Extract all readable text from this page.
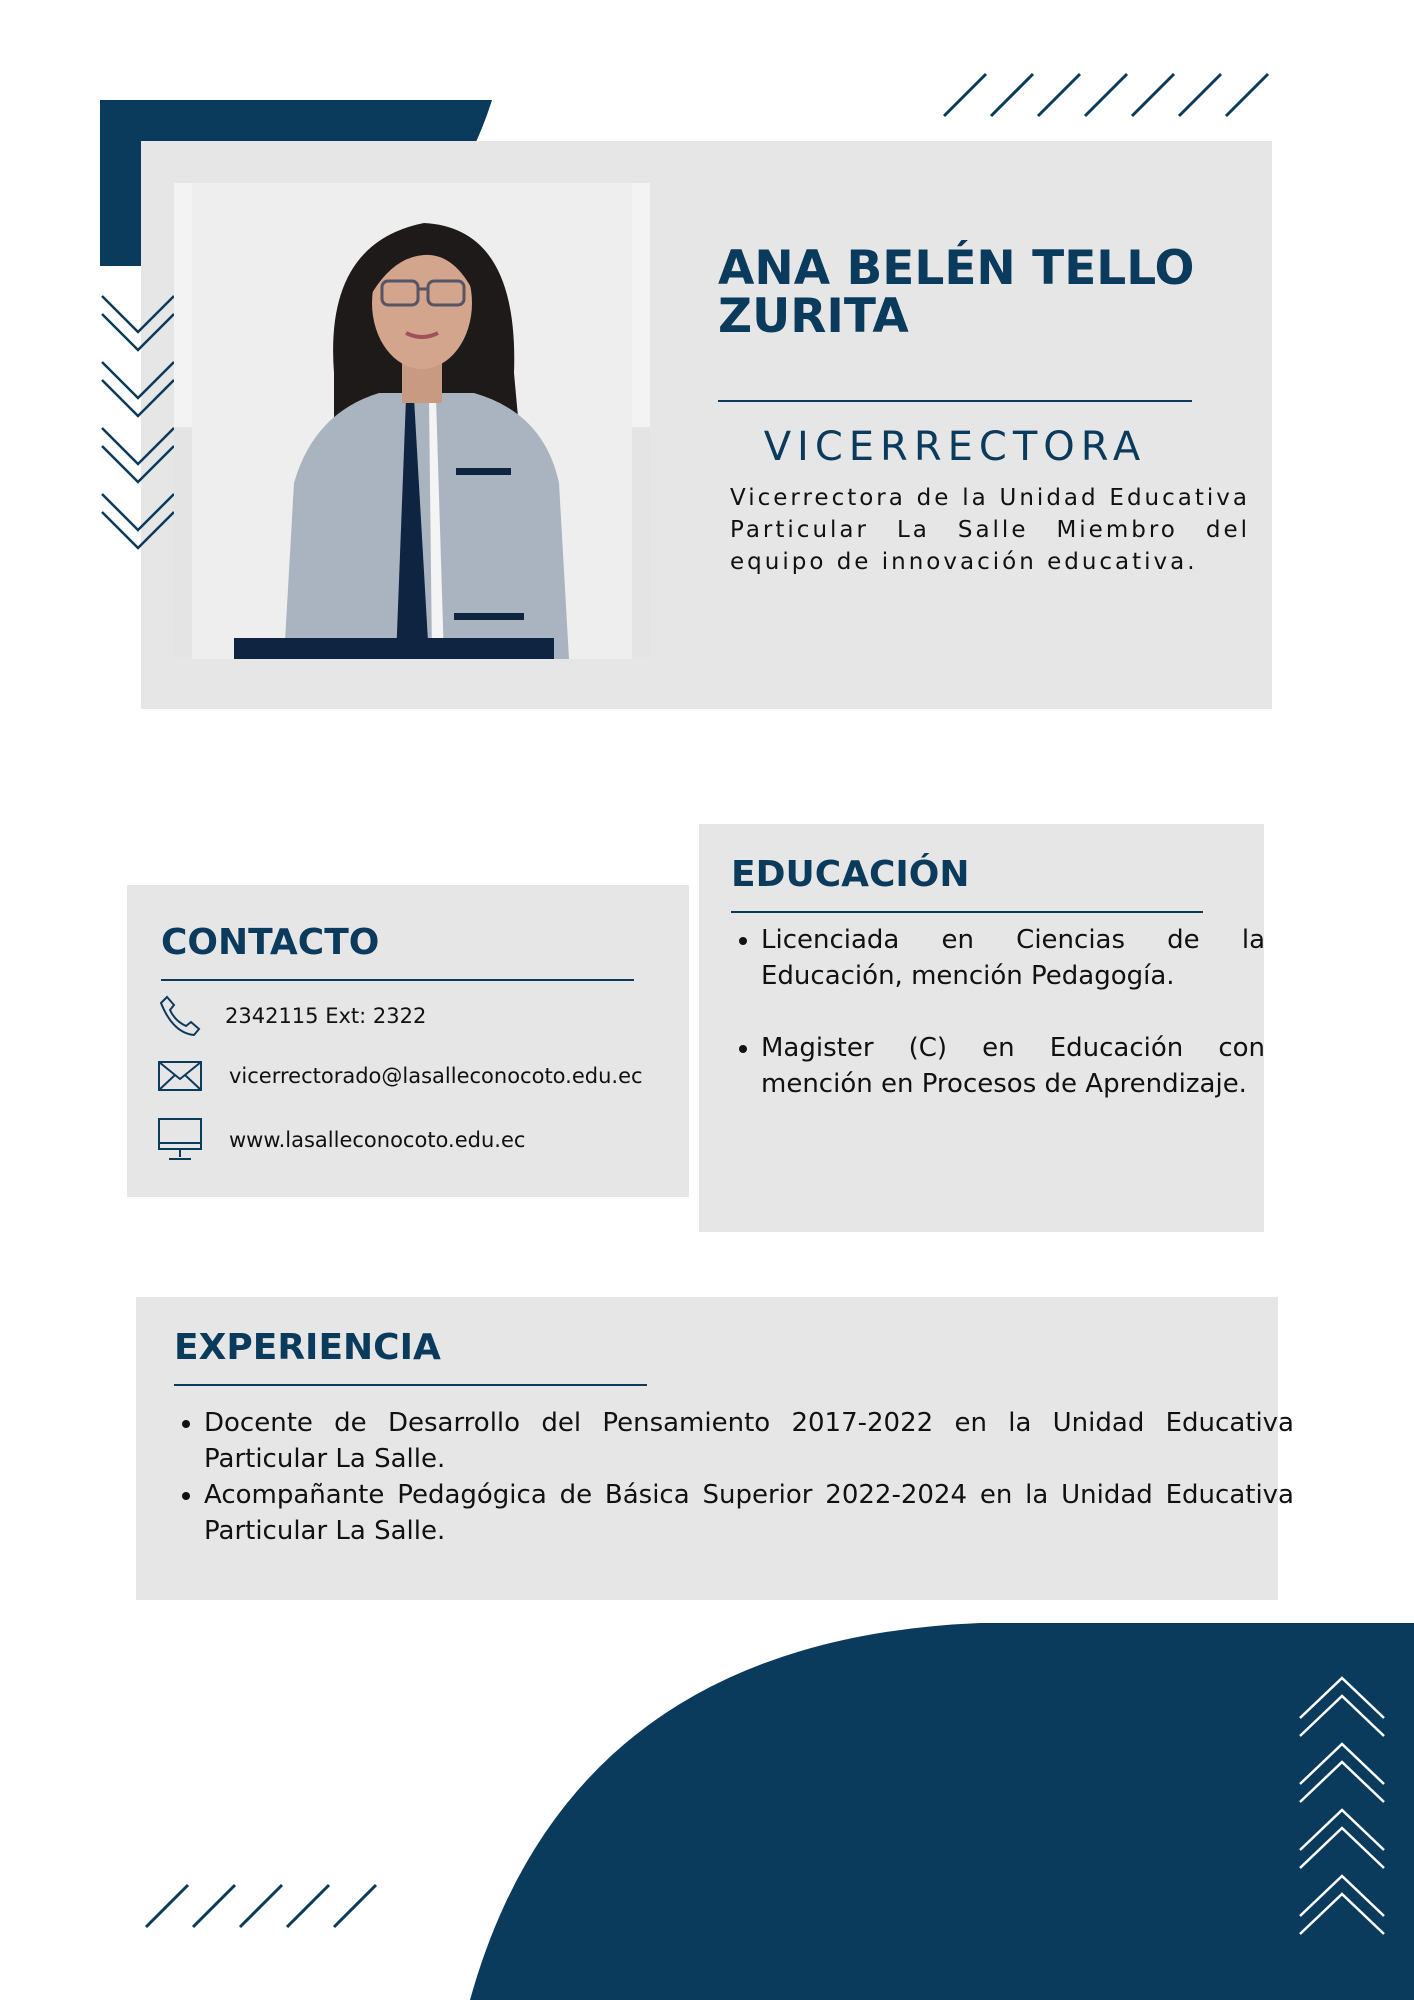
ANA BELÉN TELLO ZURITA
VICERRECTORA
Vicerrectora de la Unidad Educativa Particular La Salle Miembro del equipo de innovación educativa.
EDUCACIÓN
• Licenciada en Ciencias de la Educación, mención Pedagogía.
• Magister (C) en Educación con mención en Procesos de Aprendizaje.
CONTACTO
2342115 Ext: 2322
vicerrectorado@lasalleconocoto.edu.ec
www.lasalleconocoto.edu.ec
EXPERIENCIA
• Docente de Desarrollo del Pensamiento 2017-2022 en la Unidad Educativa Particular La Salle.
• Acompañante Pedagógica de Básica Superior 2022-2024 en la Unidad Educativa Particular La Salle.
